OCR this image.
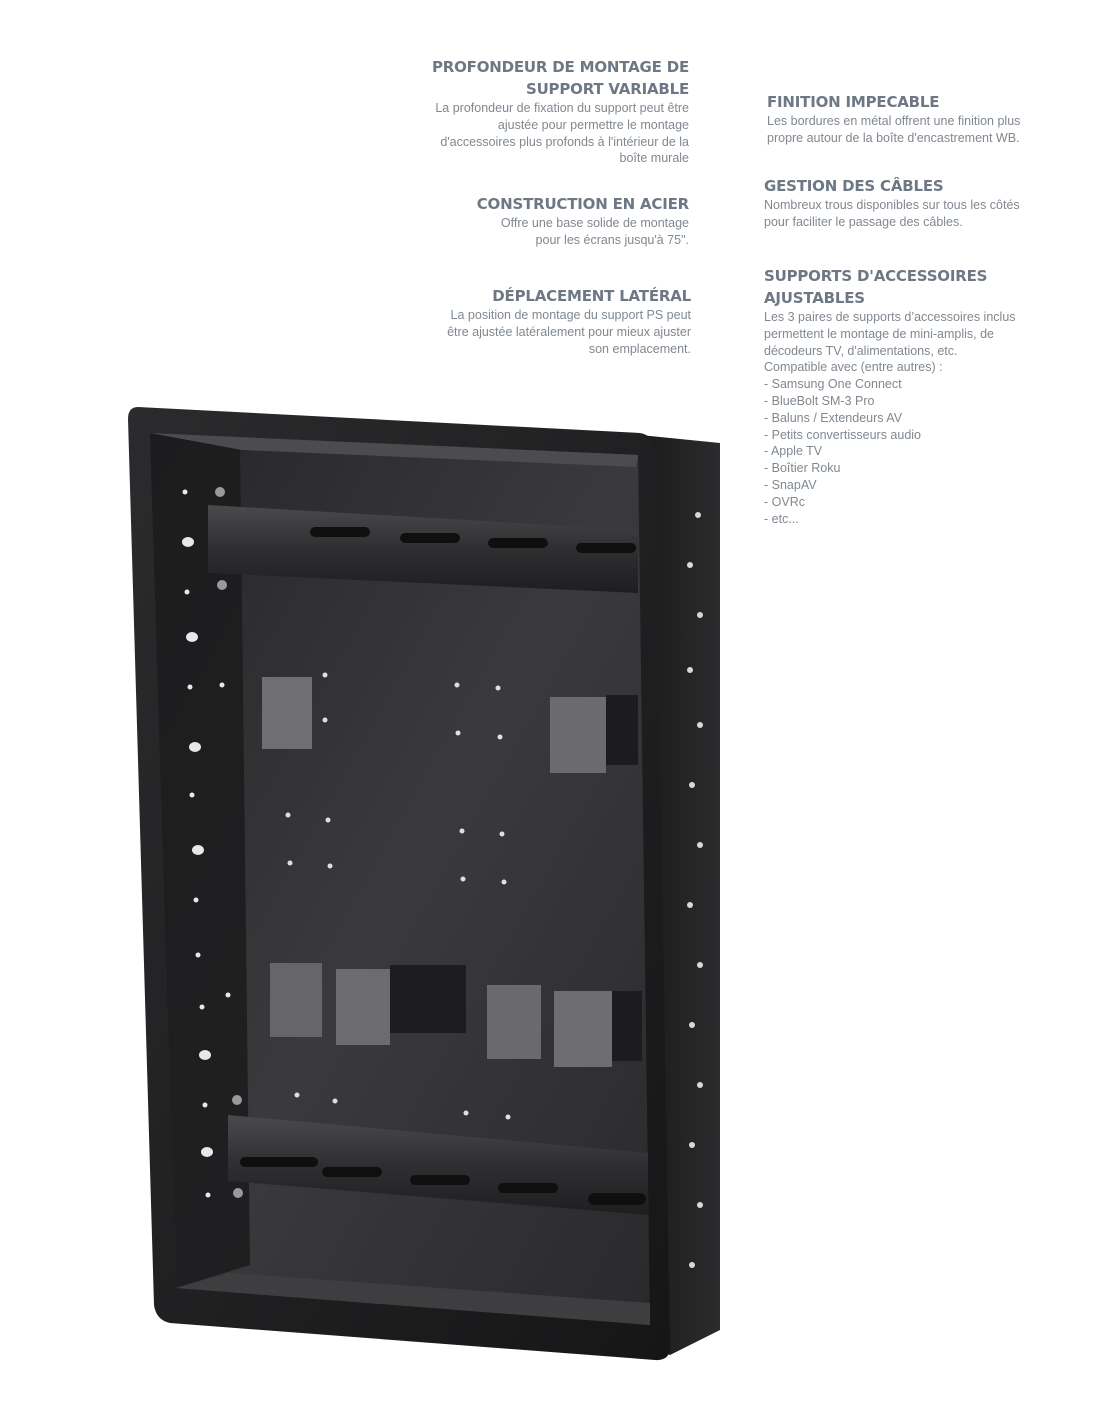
PROFONDEUR DE MONTAGE DE
SUPPORT VARIABLE
La profondeur de fixation du support peut être
ajustée pour permettre le montage
d'accessoires plus profonds à l'intérieur de la
boîte murale
CONSTRUCTION EN ACIER
Offre une base solide de montage
pour les écrans jusqu'à 75".
DÉPLACEMENT LATÉRAL
La position de montage du support PS peut
être ajustée latéralement pour mieux ajuster
son emplacement.
FINITION IMPECABLE
Les bordures en métal offrent une finition plus
propre autour de la boîte d'encastrement WB.
GESTION DES CÂBLES
Nombreux trous disponibles sur tous les côtés
pour faciliter le passage des câbles.
SUPPORTS D'ACCESSOIRES
AJUSTABLES
Les 3 paires de supports d’accessoires inclus
permettent le montage de mini-amplis, de
décodeurs TV, d'alimentations, etc.
Compatible avec (entre autres) :
- Samsung One Connect
- BlueBolt SM-3 Pro
- Baluns / Extendeurs AV
- Petits convertisseurs audio
- Apple TV
- Boîtier Roku
- SnapAV
- OVRc
- etc...
